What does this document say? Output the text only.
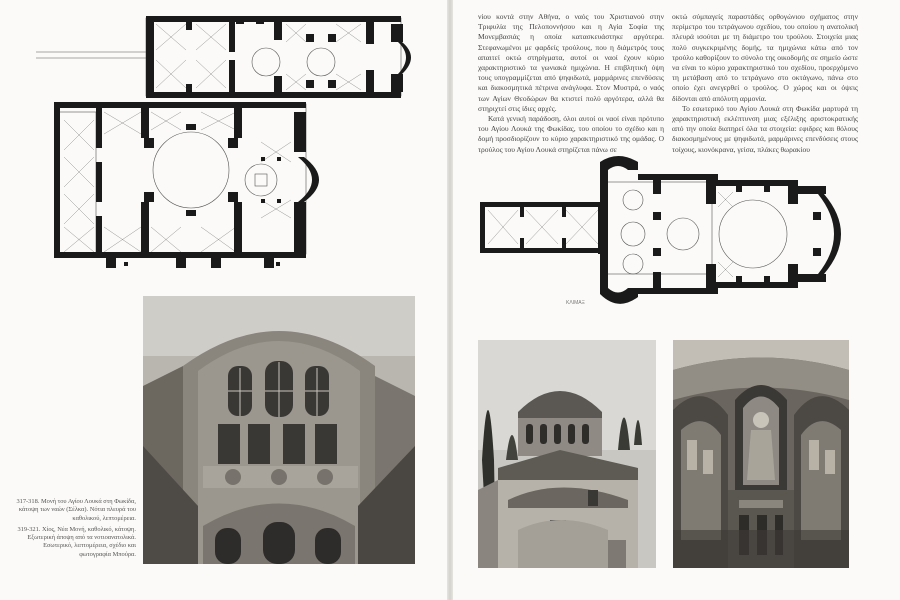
317-318. Μονή του Αγίου Λουκά στη Φωκίδα, κάτοψη των ναών (Σέλκα). Νότια πλευρά του καθολικού, λεπτομέρεια.

319-321. Χίος, Νέα Μονή, καθολικό, κάτοψη. Εξωτερική άποψη από τα νοτιοανατολικά. Εσωτερικό, λεπτομέρεια, σχέδιο και φωτογραφία Μπούρα.

νίου κοντά στην Αθήνα, ο ναός του Χριστιανού στην Τριφυλία της Πελοποννήσου και η Αγία Σοφία της Μονεμβασιάς η οποία κατασκευάστηκε αργότερα. Στεφανωμένοι με φαρδείς τρούλους, που η διάμετρός τους απαιτεί οκτώ στηρίγματα, αυτοί οι ναοί έχουν κύριο χαρακτηριστικό τα γωνιακά ημιχώνια. Η επιβλητική όψη τους υπογραμμίζεται από ψηφιδωτά, μαρμάρινες επενδύσεις και διακοσμητικά πέτρινα ανάγλυφα. Στον Μυστρά, ο ναός των Αγίων Θεοδώρων θα κτιστεί πολύ αργότερα, αλλά θα στηριχτεί στις ίδιες αρχές.

Κατά γενική παράδοση, όλοι αυτοί οι ναοί είναι πρότυπο του Αγίου Λουκά της Φωκίδας, του οποίου το σχέδιο και η δομή προσδιορίζουν το κύριο χαρακτηριστικό της ομάδας. Ο τρούλος του Αγίου Λουκά στηρίζεται πάνω σε

οκτώ σύμπαγείς παραστάδες ορθογώνιου σχήματος στην περίμετρο του τετράγωνου σχεδίου, του οποίου η ανατολική πλευρά ισούται με τη διάμετρο του τρούλου. Στοιχεία μιας πολύ συγκεκριμένης δομής, τα ημιχώνια κάτω από τον τρούλο καθορίζουν το σύνολο της οικοδομής σε σημείο ώστε να είναι το κύριο χαρακτηριστικό του σχεδίου, προερχόμενο τη μετάβαση από το τετράγωνο στο οκτάγωνο, πάνω στο οποίο έχει ανεγερθεί ο τρούλος. Ο χώρος και οι όψεις δίδονται από απόλυτη αρμονία.

Το εσωτερικό του Αγίου Λουκά στη Φωκίδα μαρτυρά τη χαρακτηριστική εκλέπτυνση μιας εξέλιξης αριστοκρατικής από την οποία διατηρεί όλα τα στοιχεία: εφιδρες και θόλους διακοσμημένους με ψηφιδωτά, μαρμάρινες επενδύσεις στους τοίχους, κιονόκρανα, γείσα, πλάκες θωρακίου

ΚΛΙΜΑΞ
